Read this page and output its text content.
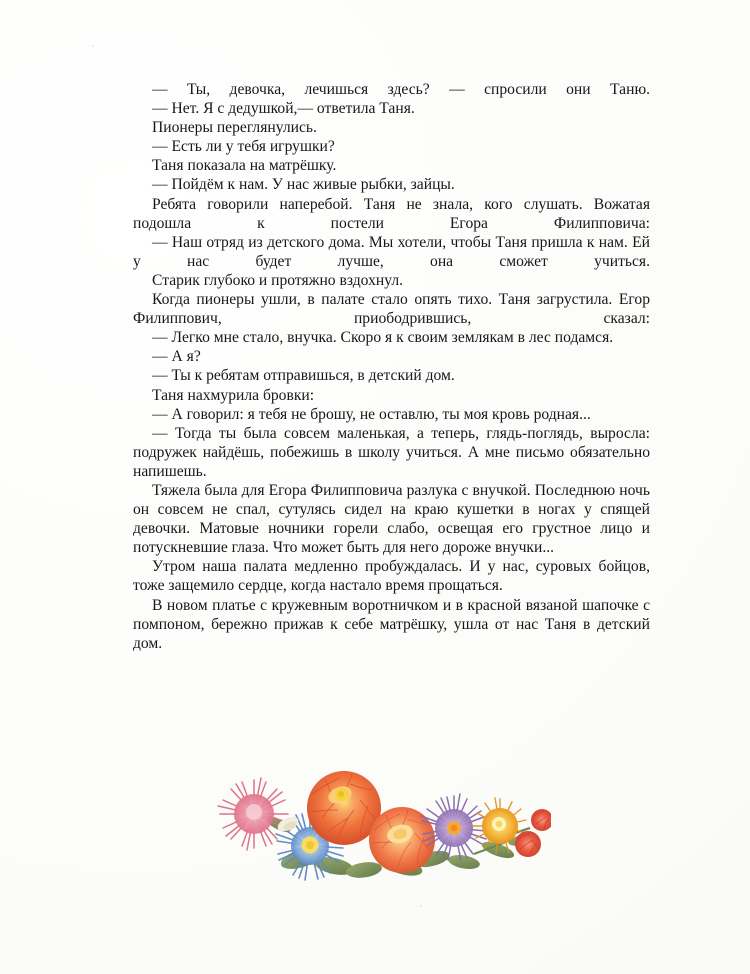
— Ты, девочка, лечишься здесь? — спросили они Таню.

— Нет. Я с дедушкой,— ответила Таня.

Пионеры переглянулись.

— Есть ли у тебя игрушки?

Таня показала на матрёшку.

— Пойдём к нам. У нас живые рыбки, зайцы.

Ребята говорили наперебой. Таня не знала, кого слушать. Вожатая подошла к постели Егора Филипповича:

— Наш отряд из детского дома. Мы хотели, чтобы Таня пришла к нам. Ей у нас будет лучше, она сможет учиться.

Старик глубоко и протяжно вздохнул.

Когда пионеры ушли, в палате стало опять тихо. Таня загрустила. Егор Филиппович, приободрившись, сказал:

— Легко мне стало, внучка. Скоро я к своим землякам в лес подамся.

— А я?

— Ты к ребятам отправишься, в детский дом.

Таня нахмурила бровки:

— А говорил: я тебя не брошу, не оставлю, ты моя кровь родная...

— Тогда ты была совсем маленькая, а теперь, глядь-поглядь, выросла: подружек найдёшь, побежишь в школу учиться. А мне письмо обязательно напишешь.

Тяжела была для Егора Филипповича разлука с внучкой. Последнюю ночь он совсем не спал, сутулясь сидел на краю кушетки в ногах у спящей девочки. Матовые ночники горели слабо, освещая его грустное лицо и потускневшие глаза. Что может быть для него дороже внучки...

Утром наша палата медленно пробуждалась. И у нас, суровых бойцов, тоже защемило сердце, когда настало время прощаться.

В новом платье с кружевным воротничком и в красной вязаной шапочке с помпоном, бережно прижав к себе матрёшку, ушла от нас Таня в детский дом.
